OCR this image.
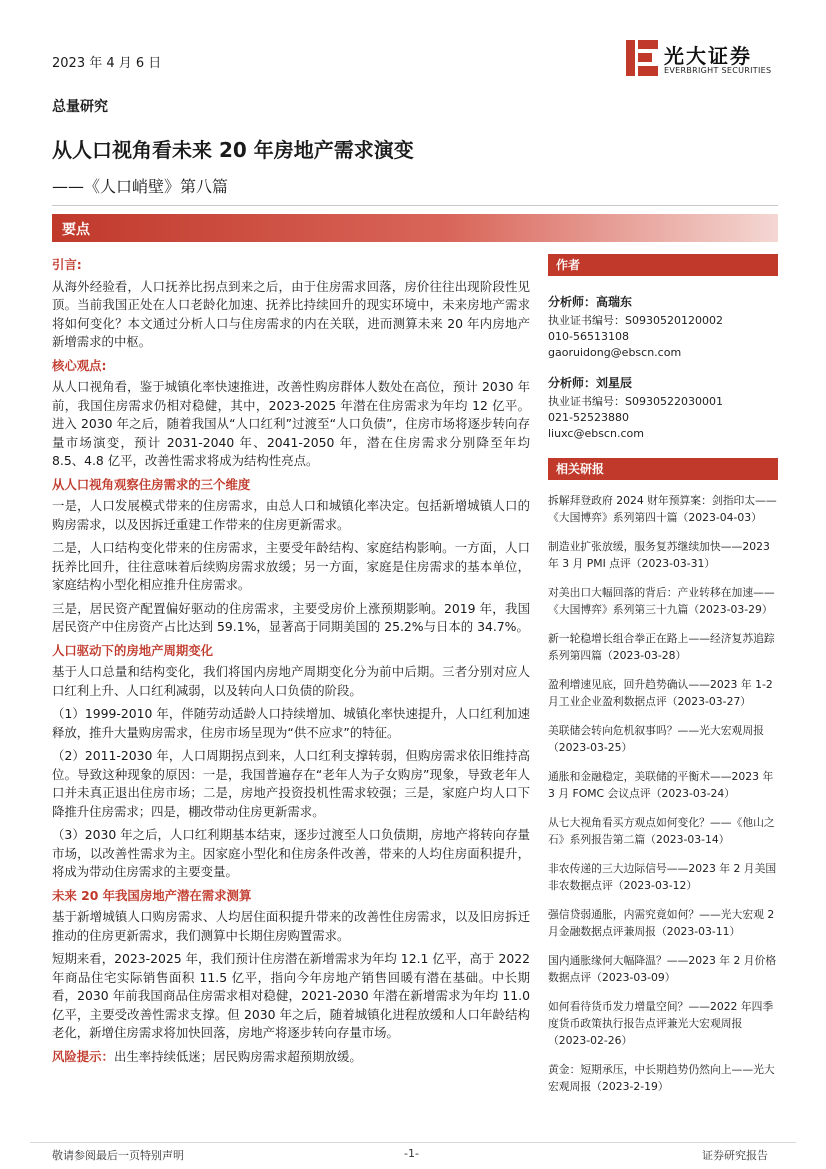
2023 年 4 月 6 日	光大证券
EVERBRIGHT SECURITIES
总量研究
从人口视角看未来 20 年房地产需求演变
——《人口峭壁》第八篇
要点
引言:

从海外经验看，人口抚养比拐点到来之后，由于住房需求回落，房价往往出现阶段性见顶。当前我国正处在人口老龄化加速、抚养比持续回升的现实环境中，未来房地产需求将如何变化？本文通过分析人口与住房需求的内在关联，进而测算未来 20 年内房地产新增需求的中枢。

核心观点:

从人口视角看，鉴于城镇化率快速推进，改善性购房群体人数处在高位，预计 2030 年前，我国住房需求仍相对稳健，其中，2023-2025 年潜在住房需求为年均 12 亿平。进入 2030 年之后，随着我国从“人口红利”过渡至“人口负债”，住房市场将逐步转向存量市场演变，预计 2031-2040 年、2041-2050 年，潜在住房需求分别降至年均 8.5、4.8 亿平，改善性需求将成为结构性亮点。

从人口视角观察住房需求的三个维度

一是，人口发展模式带来的住房需求，由总人口和城镇化率决定。包括新增城镇人口的购房需求，以及因拆迁重建工作带来的住房更新需求。

二是，人口结构变化带来的住房需求，主要受年龄结构、家庭结构影响。一方面，人口抚养比回升，往往意味着后续购房需求放缓；另一方面，家庭是住房需求的基本单位，家庭结构小型化相应推升住房需求。

三是，居民资产配置偏好驱动的住房需求，主要受房价上涨预期影响。2019 年，我国居民资产中住房资产占比达到 59.1%，显著高于同期美国的 25.2%与日本的 34.7%。

人口驱动下的房地产周期变化

基于人口总量和结构变化，我们将国内房地产周期变化分为前中后期。三者分别对应人口红利上升、人口红利减弱，以及转向人口负债的阶段。

（1）1999-2010 年，伴随劳动适龄人口持续增加、城镇化率快速提升，人口红利加速释放，推升大量购房需求，住房市场呈现为“供不应求”的特征。

（2）2011-2030 年，人口周期拐点到来，人口红利支撑转弱，但购房需求依旧维持高位。导致这种现象的原因：一是，我国普遍存在“老年人为子女购房”现象，导致老年人口并未真正退出住房市场；二是，房地产投资投机性需求较强；三是，家庭户均人口下降推升住房需求；四是，棚改带动住房更新需求。

（3）2030 年之后，人口红利期基本结束，逐步过渡至人口负债期，房地产将转向存量市场，以改善性需求为主。因家庭小型化和住房条件改善，带来的人均住房面积提升，将成为带动住房需求的主要变量。

未来 20 年我国房地产潜在需求测算

基于新增城镇人口购房需求、人均居住面积提升带来的改善性住房需求，以及旧房拆迁推动的住房更新需求，我们测算中长期住房购置需求。

短期来看，2023-2025 年，我们预计住房潜在新增需求为年均 12.1 亿平，高于 2022 年商品住宅实际销售面积 11.5 亿平，指向今年房地产销售回暖有潜在基础。中长期看，2030 年前我国商品住房需求相对稳健，2021-2030 年潜在新增需求为年均 11.0 亿平，主要受改善性需求支撑。但 2030 年之后，随着城镇化进程放缓和人口年龄结构老化，新增住房需求将加快回落，房地产将逐步转向存量市场。

风险提示：出生率持续低迷；居民购房需求超预期放缓。

作者
分析师：高瑞东
执业证书编号：S0930520120002
010-56513108
gaoruidong@ebscn.com
分析师：刘星辰
执业证书编号：S0930522030001
021-52523880
liuxc@ebscn.com
相关研报
拆解拜登政府 2024 财年预算案：剑指印太——《大国博弈》系列第四十篇（2023-04-03）
制造业扩张放缓，服务复苏继续加快——2023 年 3 月 PMI 点评（2023-03-31）
对美出口大幅回落的背后：产业转移在加速——《大国博弈》系列第三十九篇（2023-03-29）
新一轮稳增长组合拳正在路上——经济复苏追踪系列第四篇（2023-03-28）
盈利增速见底，回升趋势确认——2023 年 1-2 月工业企业盈利数据点评（2023-03-27）
美联储会转向危机叙事吗？——光大宏观周报（2023-03-25）
通胀和金融稳定，美联储的平衡术——2023 年 3 月 FOMC 会议点评（2023-03-24）
从七大视角看买方观点如何变化？——《他山之石》系列报告第二篇（2023-03-14）
非农传递的三大边际信号——2023 年 2 月美国非农数据点评（2023-03-12）
强信贷弱通胀，内需究竟如何？——光大宏观 2 月金融数据点评兼周报（2023-03-11）
国内通胀缘何大幅降温？——2023 年 2 月价格数据点评（2023-03-09）
如何看待货币发力增量空间？——2022 年四季度货币政策执行报告点评兼光大宏观周报（2023-02-26）
黄金：短期承压，中长期趋势仍然向上——光大宏观周报（2023-2-19）
敬请参阅最后一页特别声明	-1-	证券研究报告
